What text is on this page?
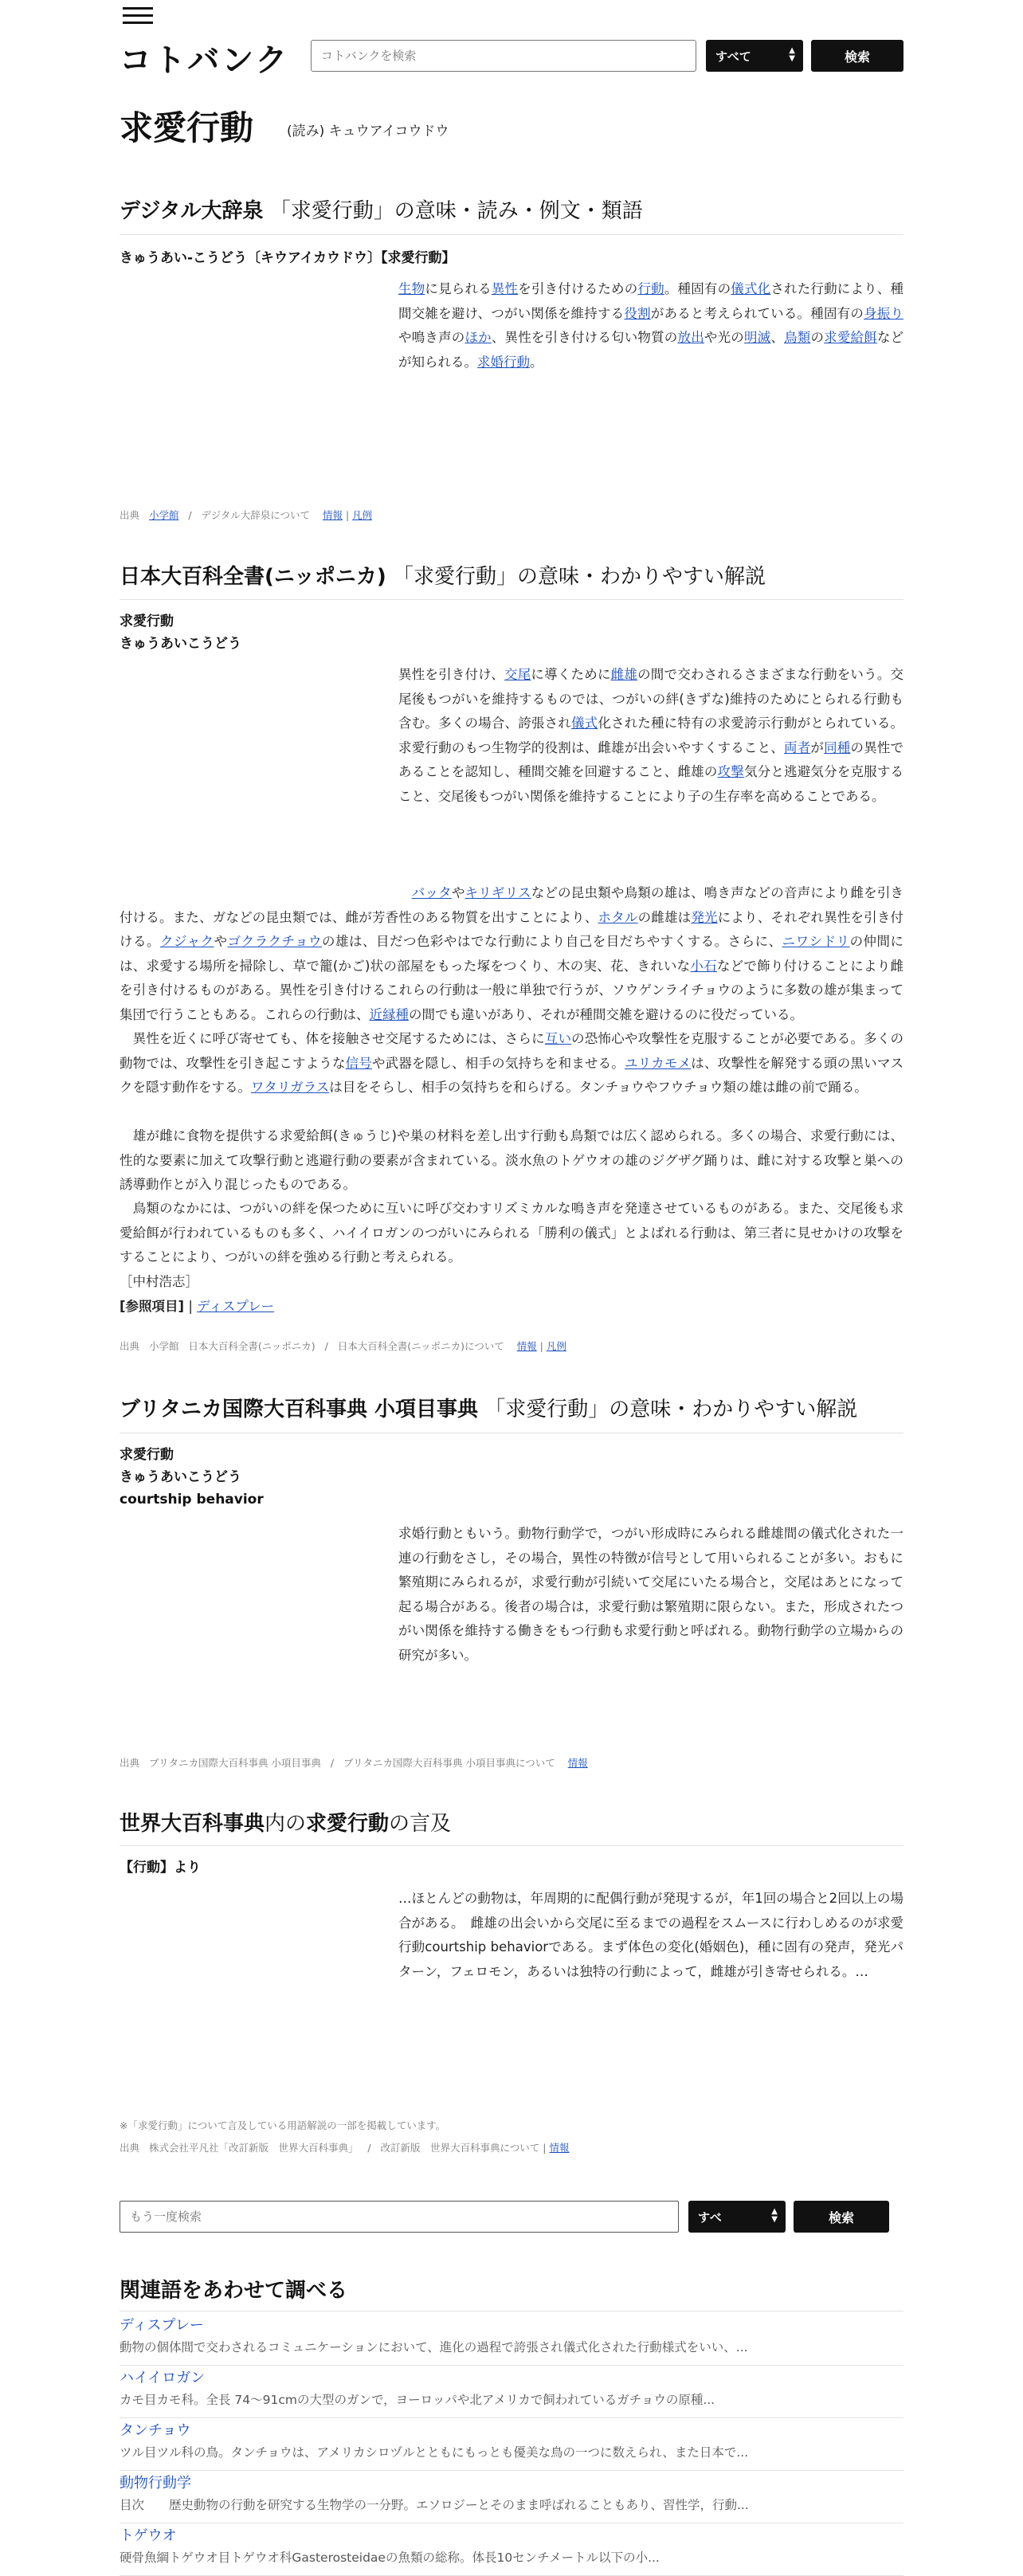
コトバンク
コトバンクを検索	すべて	▲
▼	検索
求愛行動 (読み) キュウアイコウドウ
デジタル大辞泉 「求愛行動」の意味・読み・例文・類語
きゅうあい‐こうどう〔キウアイカウドウ〕【求愛行動】
生物に見られる異性を引き付けるための行動。種固有の儀式化された行動により、種間交雑を避け、つがい関係を維持する役割があると考えられている。種固有の身振りや鳴き声のほか、異性を引き付ける匂い物質の放出や光の明滅、鳥類の求愛給餌などが知られる。求婚行動。
出典 小学館 / デジタル大辞泉について 情報 | 凡例
日本大百科全書(ニッポニカ) 「求愛行動」の意味・わかりやすい解説
求愛行動
きゅうあいこうどう
異性を引き付け、交尾に導くために雌雄の間で交わされるさまざまな行動をいう。交尾後もつがいを維持するものでは、つがいの絆(きずな)維持のためにとられる行動も含む。多くの場合、誇張され儀式化された種に特有の求愛誇示行動がとられている。求愛行動のもつ生物学的役割は、雌雄が出会いやすくすること、両者が同種の異性であることを認知し、種間交雑を回避すること、雌雄の攻撃気分と逃避気分を克服すること、交尾後もつがい関係を維持することにより子の生存率を高めることである。
　バッタやキリギリスなどの昆虫類や鳥類の雄は、鳴き声などの音声により雌を引き付ける。また、ガなどの昆虫類では、雌が芳香性のある物質を出すことにより、ホタルの雌雄は発光により、それぞれ異性を引き付ける。クジャクやゴクラクチョウの雄は、目だつ色彩やはでな行動により自己を目だちやすくする。さらに、ニワシドリの仲間には、求愛する場所を掃除し、草で籠(かご)状の部屋をもった塚をつくり、木の実、花、きれいな小石などで飾り付けることにより雌を引き付けるものがある。異性を引き付けるこれらの行動は一般に単独で行うが、ソウゲンライチョウのように多数の雄が集まって集団で行うこともある。これらの行動は、近縁種の間でも違いがあり、それが種間交雑を避けるのに役だっている。
　異性を近くに呼び寄せても、体を接触させ交尾するためには、さらに互いの恐怖心や攻撃性を克服することが必要である。多くの動物では、攻撃性を引き起こすような信号や武器を隠し、相手の気持ちを和ませる。ユリカモメは、攻撃性を解発する頭の黒いマスクを隠す動作をする。ワタリガラスは目をそらし、相手の気持ちを和らげる。タンチョウやフウチョウ類の雄は雌の前で踊る。
　雄が雌に食物を提供する求愛給餌(きゅうじ)や巣の材料を差し出す行動も鳥類では広く認められる。多くの場合、求愛行動には、性的な要素に加えて攻撃行動と逃避行動の要素が含まれている。淡水魚のトゲウオの雄のジグザグ踊りは、雌に対する攻撃と巣への誘導動作とが入り混じったものである。
　鳥類のなかには、つがいの絆を保つために互いに呼び交わすリズミカルな鳴き声を発達させているものがある。また、交尾後も求愛給餌が行われているものも多く、ハイイロガンのつがいにみられる「勝利の儀式」とよばれる行動は、第三者に見せかけの攻撃をすることにより、つがいの絆を強める行動と考えられる。
［中村浩志］
[参照項目] | ディスプレー
出典 小学館 日本大百科全書(ニッポニカ) / 日本大百科全書(ニッポニカ)について 情報 | 凡例
ブリタニカ国際大百科事典 小項目事典 「求愛行動」の意味・わかりやすい解説
求愛行動
きゅうあいこうどう
courtship behavior
求婚行動ともいう。動物行動学で，つがい形成時にみられる雌雄間の儀式化された一連の行動をさし，その場合，異性の特徴が信号として用いられることが多い。おもに繁殖期にみられるが，求愛行動が引続いて交尾にいたる場合と，交尾はあとになって起る場合がある。後者の場合は，求愛行動は繁殖期に限らない。また，形成されたつがい関係を維持する働きをもつ行動も求愛行動と呼ばれる。動物行動学の立場からの研究が多い。
出典 ブリタニカ国際大百科事典 小項目事典 / ブリタニカ国際大百科事典 小項目事典について 情報
世界大百科事典内の求愛行動の言及
【行動】より
…ほとんどの動物は，年周期的に配偶行動が発現するが，年1回の場合と2回以上の場合がある。　雌雄の出会いから交尾に至るまでの過程をスムースに行わしめるのが求愛行動courtship behaviorである。まず体色の変化(婚姻色)，種に固有の発声，発光パターン，フェロモン，あるいは独特の行動によって，雌雄が引き寄せられる。…
※「求愛行動」について言及している用語解説の一部を掲載しています。
出典 株式会社平凡社「改訂新版　世界大百科事典」 / 改訂新版　世界大百科事典について | 情報
もう一度検索
すべ	▲
▼	検索
関連語をあわせて調べる
ディスプレー
動物の個体間で交わされるコミュニケーションにおいて、進化の過程で誇張され儀式化された行動様式をいい、...
ハイイロガン
カモ目カモ科。全長 74～91cmの大型のガンで，ヨーロッパや北アメリカで飼われているガチョウの原種...
タンチョウ
ツル目ツル科の鳥。タンチョウは、アメリカシロヅルとともにもっとも優美な鳥の一つに数えられ、また日本で...
動物行動学
目次　　歴史動物の行動を研究する生物学の一分野。エソロジーとそのまま呼ばれることもあり、習性学，行動...
トゲウオ
硬骨魚綱トゲウオ目トゲウオ科Gasterosteidaeの魚類の総称。体長10センチメートル以下の小...
